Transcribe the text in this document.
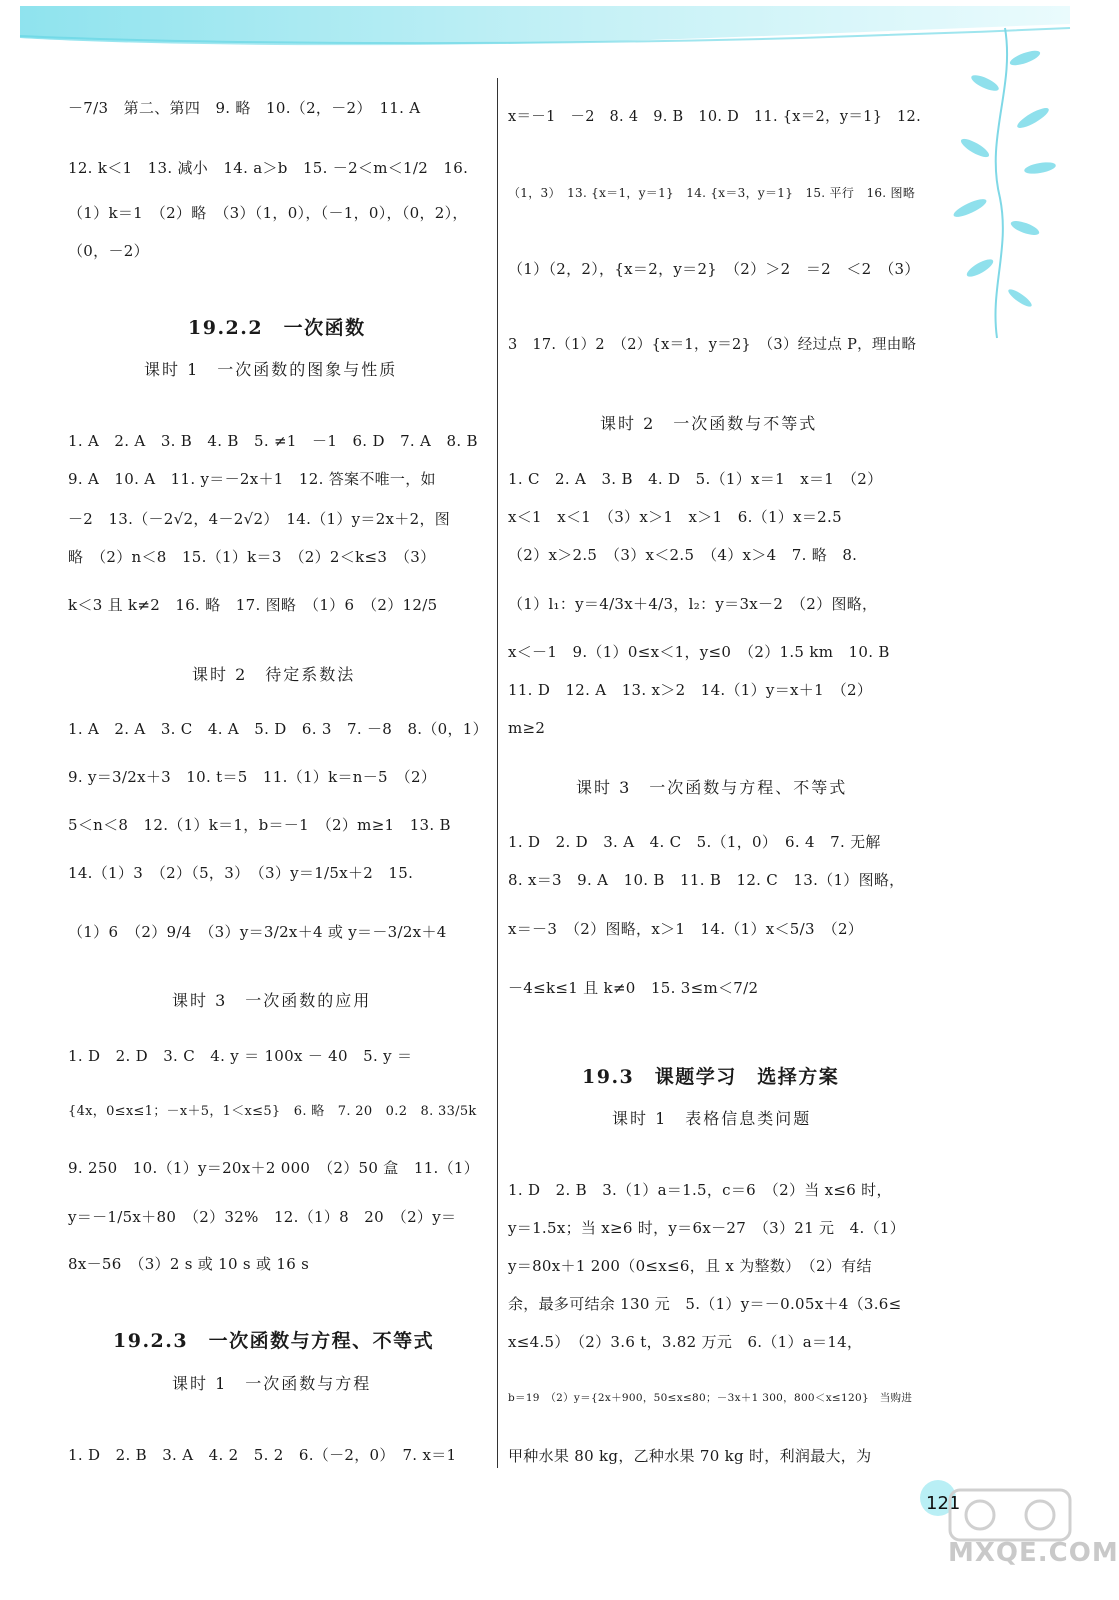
－7/3　第二、第四　9. 略　10.（2，－2）　11. A
12. k＜1　13. 减小　14. a＞b　15. －2＜m＜1/2　16.
（1）k＝1　（2）略　（3）（1，0），（－1，0），（0，2），
（0，－2）
19.2.2　一次函数
课时 1　一次函数的图象与性质
1. A　2. A　3. B　4. B　5. ≠1　－1　6. D　7. A　8. B
9. A　10. A　11. y＝－2x＋1　12. 答案不唯一，如
－2　13.（－2√2，4－2√2）　14.（1）y＝2x＋2，图
略　（2）n＜8　15.（1）k＝3　（2）2＜k≤3　（3）
k＜3 且 k≠2　16. 略　17. 图略　（1）6　（2）12/5
课时 2　待定系数法
1. A　2. A　3. C　4. A　5. D　6. 3　7. －8　8.（0，1）
9. y＝3/2x＋3　10. t＝5　11.（1）k＝n－5　（2）
5＜n＜8　12.（1）k＝1，b＝－1　（2）m≥1　13. B
14.（1）3　（2）（5，3）　（3）y＝1/5x＋2　15.
（1）6　（2）9/4　（3）y＝3/2x＋4 或 y＝－3/2x＋4
课时 3　一次函数的应用
1. D　2. D　3. C　4. y ＝ 100x － 40　5. y ＝
{4x，0≤x≤1；－x＋5，1＜x≤5}　6. 略　7. 20　0.2　8. 33/5k
9. 250　10.（1）y＝20x＋2 000　（2）50 盒　11.（1）
y＝－1/5x＋80　（2）32%　12.（1）8　20　（2）y＝
8x－56　（3）2 s 或 10 s 或 16 s
19.2.3　一次函数与方程、不等式
课时 1　一次函数与方程
1. D　2. B　3. A　4. 2　5. 2　6.（－2，0）　7. x＝1
x＝－1　－2　8. 4　9. B　10. D　11. {x＝2，y＝1}　12.
（1，3）　13. {x＝1，y＝1}　14. {x＝3，y＝1}　15. 平行　16. 图略
（1）（2，2），{x＝2，y＝2}　（2）＞2　＝2　＜2　（3）
3　17.（1）2　（2）{x＝1，y＝2}　（3）经过点 P，理由略
课时 2　一次函数与不等式
1. C　2. A　3. B　4. D　5.（1）x＝1　x＝1　（2）
x＜1　x＜1　（3）x＞1　x＞1　6.（1）x＝2.5
（2）x＞2.5　（3）x＜2.5　（4）x＞4　7. 略　8.
（1）l₁：y＝4/3x＋4/3，l₂：y＝3x－2　（2）图略，
x＜－1　9.（1）0≤x＜1，y≤0　（2）1.5 km　10. B
11. D　12. A　13. x＞2　14.（1）y＝x＋1　（2）
m≥2
课时 3　一次函数与方程、不等式
1. D　2. D　3. A　4. C　5.（1，0）　6. 4　7. 无解
8. x＝3　9. A　10. B　11. B　12. C　13.（1）图略，
x＝－3　（2）图略，x＞1　14.（1）x＜5/3　（2）
－4≤k≤1 且 k≠0　15. 3≤m＜7/2
19.3　课题学习　选择方案
课时 1　表格信息类问题
1. D　2. B　3.（1）a＝1.5，c＝6　（2）当 x≤6 时，
y＝1.5x；当 x≥6 时，y＝6x－27　（3）21 元　4.（1）
y＝80x＋1 200（0≤x≤6，且 x 为整数）　（2）有结
余，最多可结余 130 元　5.（1）y＝－0.05x＋4（3.6≤
x≤4.5）　（2）3.6 t，3.82 万元　6.（1）a＝14，
b＝19　（2）y＝{2x＋900，50≤x≤80；－3x＋1 300，800＜x≤120}　当购进
甲种水果 80 kg，乙种水果 70 kg 时，利润最大，为
121
MXQE.COM
